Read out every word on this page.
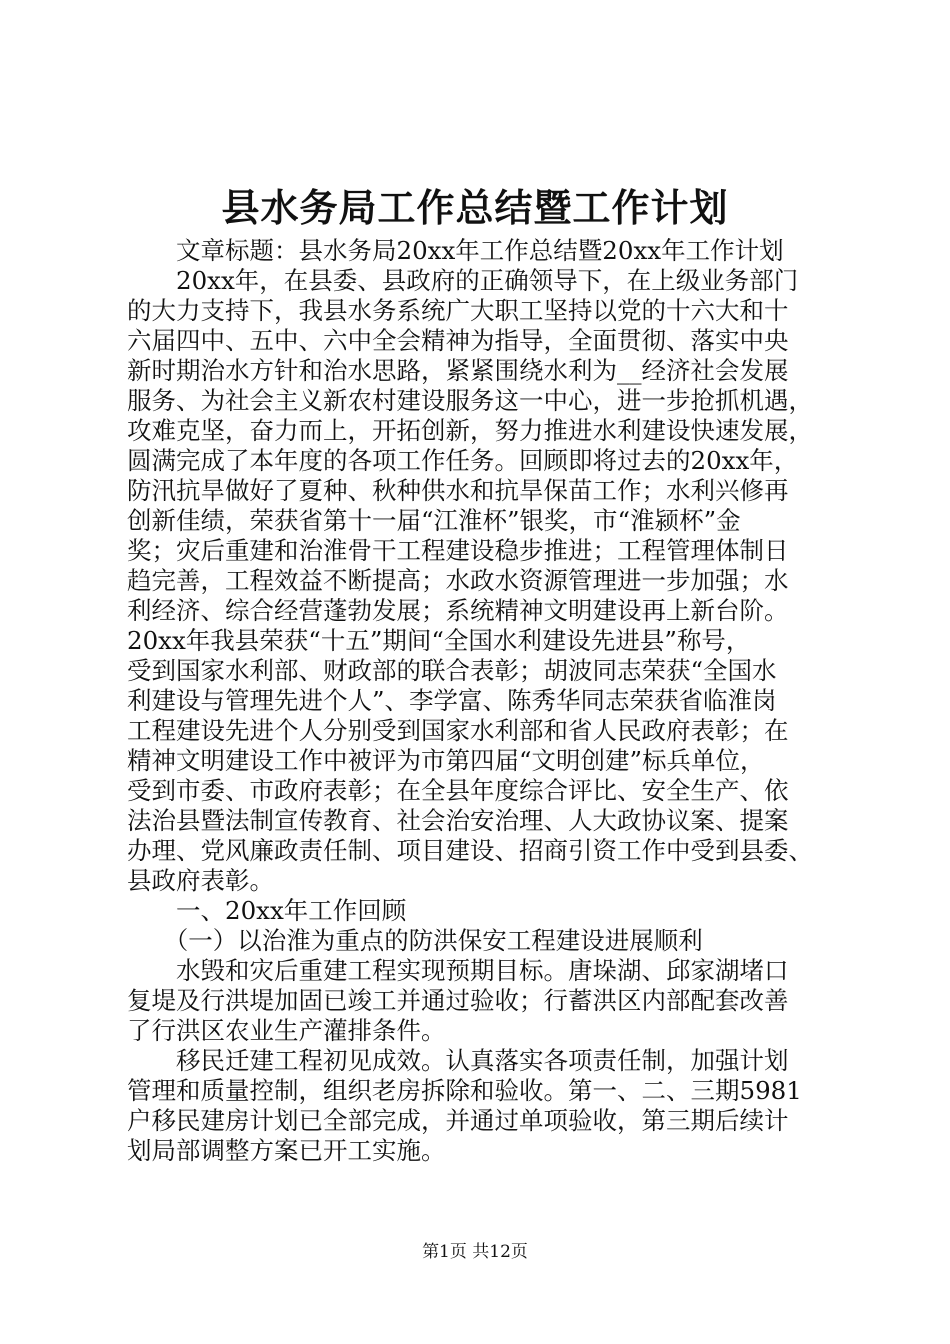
县水务局工作总结暨工作计划

　　文章标题：县水务局20xx年工作总结暨20xx年工作计划

　　20xx年，在县委、县政府的正确领导下，在上级业务部门

的大力支持下，我县水务系统广大职工坚持以党的十六大和十

六届四中、五中、六中全会精神为指导，全面贯彻、落实中央

新时期治水方针和治水思路，紧紧围绕水利为__经济社会发展

服务、为社会主义新农村建设服务这一中心，进一步抢抓机遇，

攻难克坚，奋力而上，开拓创新，努力推进水利建设快速发展，

圆满完成了本年度的各项工作任务。回顾即将过去的20xx年，

防汛抗旱做好了夏种、秋种供水和抗旱保苗工作；水利兴修再

创新佳绩，荣获省第十一届“江淮杯”银奖，市“淮颍杯”金

奖；灾后重建和治淮骨干工程建设稳步推进；工程管理体制日

趋完善，工程效益不断提高；水政水资源管理进一步加强；水

利经济、综合经营蓬勃发展；系统精神文明建设再上新台阶。

20xx年我县荣获“十五”期间“全国水利建设先进县”称号，

受到国家水利部、财政部的联合表彰；胡波同志荣获“全国水

利建设与管理先进个人”、李学富、陈秀华同志荣获省临淮岗

工程建设先进个人分别受到国家水利部和省人民政府表彰；在

精神文明建设工作中被评为市第四届“文明创建”标兵单位，

受到市委、市政府表彰；在全县年度综合评比、安全生产、依

法治县暨法制宣传教育、社会治安治理、人大政协议案、提案

办理、党风廉政责任制、项目建设、招商引资工作中受到县委、

县政府表彰。

　　一、20xx年工作回顾

　　（一）以治淮为重点的防洪保安工程建设进展顺利

　　水毁和灾后重建工程实现预期目标。唐垛湖、邱家湖堵口

复堤及行洪堤加固已竣工并通过验收；行蓄洪区内部配套改善

了行洪区农业生产灌排条件。

　　移民迁建工程初见成效。认真落实各项责任制，加强计划

管理和质量控制，组织老房拆除和验收。第一、二、三期5981

户移民建房计划已全部完成，并通过单项验收，第三期后续计

划局部调整方案已开工实施。

第1页 共12页
